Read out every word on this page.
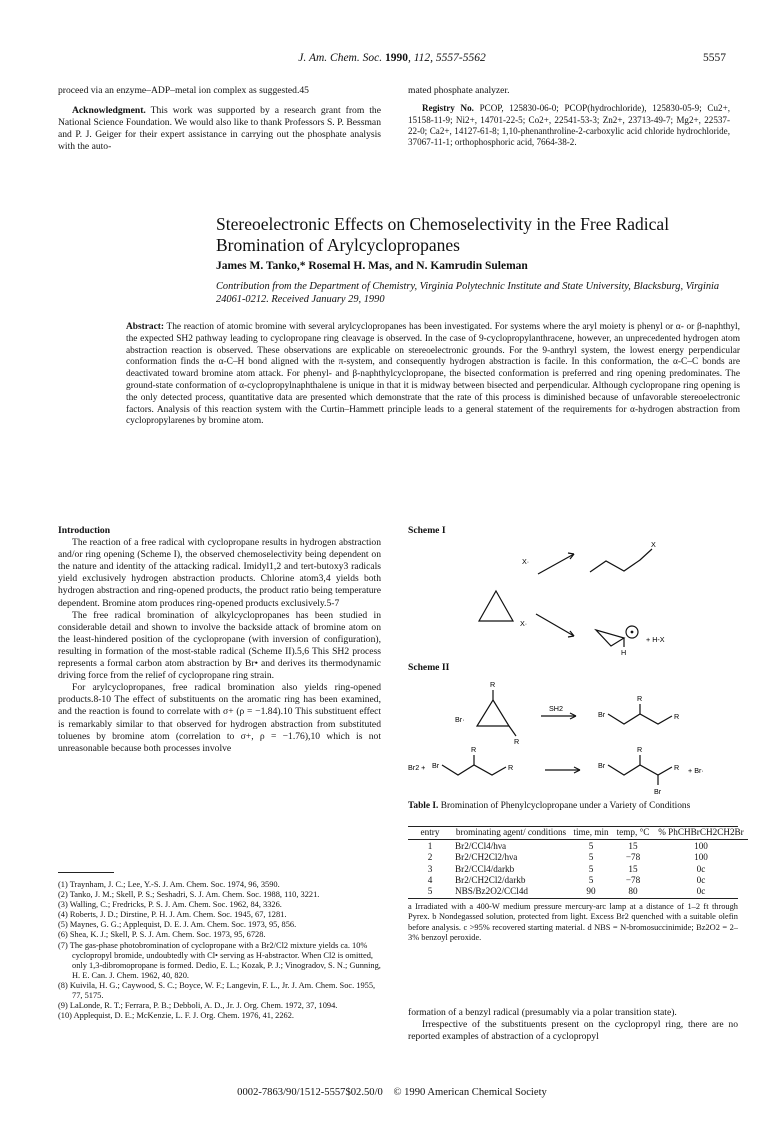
J. Am. Chem. Soc. 1990, 112, 5557-5562	5557

proceed via an enzyme–ADP–metal ion complex as suggested.45

Acknowledgment. This work was supported by a research grant from the National Science Foundation. We would also like to thank Professors S. P. Bessman and P. J. Geiger for their expert assistance in carrying out the phosphate analysis with the auto-

mated phosphate analyzer.

Registry No. PCOP, 125830-06-0; PCOP(hydrochloride), 125830-05-9; Cu2+, 15158-11-9; Ni2+, 14701-22-5; Co2+, 22541-53-3; Zn2+, 23713-49-7; Mg2+, 22537-22-0; Ca2+, 14127-61-8; 1,10-phenanthroline-2-carboxylic acid chloride hydrochloride, 37067-11-1; orthophosphoric acid, 7664-38-2.

Stereoelectronic Effects on Chemoselectivity in the Free Radical Bromination of Arylcyclopropanes
James M. Tanko,* Rosemal H. Mas, and N. Kamrudin Suleman
Contribution from the Department of Chemistry, Virginia Polytechnic Institute and State University, Blacksburg, Virginia 24061-0212. Received January 29, 1990
Abstract: The reaction of atomic bromine with several arylcyclopropanes has been investigated. For systems where the aryl moiety is phenyl or α- or β-naphthyl, the expected SH2 pathway leading to cyclopropane ring cleavage is observed. In the case of 9-cyclopropylanthracene, however, an unprecedented hydrogen atom abstraction reaction is observed. These observations are explicable on stereoelectronic grounds. For the 9-anthryl system, the lowest energy perpendicular conformation finds the α-C–H bond aligned with the π-system, and consequently hydrogen abstraction is facile. In this conformation, the α-C–C bonds are deactivated toward bromine atom attack. For phenyl- and β-naphthylcyclopropane, the bisected conformation is preferred and ring opening predominates. The ground-state conformation of α-cyclopropylnaphthalene is unique in that it is midway between bisected and perpendicular. Although cyclopropane ring opening is the only detected process, quantitative data are presented which demonstrate that the rate of this process is diminished because of unfavorable stereoelectronic factors. Analysis of this reaction system with the Curtin–Hammett principle leads to a general statement of the requirements for α-hydrogen abstraction from cyclopropylarenes by bromine atom.

Introduction

The reaction of a free radical with cyclopropane results in hydrogen abstraction and/or ring opening (Scheme I), the observed chemoselectivity being dependent on the nature and identity of the attacking radical. Imidyl1,2 and tert-butoxy3 radicals yield exclusively hydrogen abstraction products. Chlorine atom3,4 yields both hydrogen abstraction and ring-opened products, the product ratio being temperature dependent. Bromine atom produces ring-opened products exclusively.5-7

The free radical bromination of alkylcyclopropanes has been studied in considerable detail and shown to involve the backside attack of bromine atom on the least-hindered position of the cyclopropane (with inversion of configuration), resulting in formation of the most-stable radical (Scheme II).5,6 This SH2 process represents a formal carbon atom abstraction by Br• and derives its thermodynamic driving force from the relief of cyclopropane ring strain.

For arylcyclopropanes, free radical bromination also yields ring-opened products.8-10 The effect of substituents on the aromatic ring has been examined, and the reaction is found to correlate with σ+ (ρ = −1.84).10 This substituent effect is remarkably similar to that observed for hydrogen abstraction from substituted toluenes by bromine atom (correlation to σ+, ρ = −1.76),10 which is not unreasonable because both processes involve

(1) Traynham, J. C.; Lee, Y.-S. J. Am. Chem. Soc. 1974, 96, 3590.

(2) Tanko, J. M.; Skell, P. S.; Seshadri, S. J. Am. Chem. Soc. 1988, 110, 3221.

(3) Walling, C.; Fredricks, P. S. J. Am. Chem. Soc. 1962, 84, 3326.

(4) Roberts, J. D.; Dirstine, P. H. J. Am. Chem. Soc. 1945, 67, 1281.

(5) Maynes, G. G.; Applequist, D. E. J. Am. Chem. Soc. 1973, 95, 856.

(6) Shea, K. J.; Skell, P. S. J. Am. Chem. Soc. 1973, 95, 6728.

(7) The gas-phase photobromination of cyclopropane with a Br2/Cl2 mixture yields ca. 10% cyclopropyl bromide, undoubtedly with Cl• serving as H-abstractor. When Cl2 is omitted, only 1,3-dibromopropane is formed. Dedio, E. L.; Kozak, P. J.; Vinogradov, S. N.; Gunning, H. E. Can. J. Chem. 1962, 40, 820.

(8) Kuivila, H. G.; Caywood, S. C.; Boyce, W. F.; Langevin, F. L., Jr. J. Am. Chem. Soc. 1955, 77, 5175.

(9) LaLonde, R. T.; Ferrara, P. B.; Debboli, A. D., Jr. J. Org. Chem. 1972, 37, 1094.

(10) Applequist, D. E.; McKenzie, L. F. J. Org. Chem. 1976, 41, 2262.

Scheme I
X·
X
X·
H
+ H-X
Scheme II
Br·
R
R
SH2
Br
R
R
Br2 + Br
R
R	Br
R
R
Br
+ Br·
Table I. Bromination of Phenylcyclopropane under a Variety of Conditions
entry	brominating agent/ conditions	time, min	temp, °C	% PhCHBrCH2CH2Br

1	Br2/CCl4/hνa	5	15	100
2	Br2/CH2Cl2/hνa	5	−78	100
3	Br2/CCl4/darkb	5	15	0c
4	Br2/CH2Cl2/darkb	5	−78	0c
5	NBS/Bz2O2/CCl4d	90	80	0c
a Irradiated with a 400-W medium pressure mercury-arc lamp at a distance of 1–2 ft through Pyrex. b Nondegassed solution, protected from light. Excess Br2 quenched with a suitable olefin before analysis. c >95% recovered starting material. d NBS = N-bromosuccinimide; Bz2O2 = 2–3% benzoyl peroxide.

formation of a benzyl radical (presumably via a polar transition state).

Irrespective of the substituents present on the cyclopropyl ring, there are no reported examples of abstraction of a cyclopropyl

0002-7863/90/1512-5557$02.50/0 © 1990 American Chemical Society
